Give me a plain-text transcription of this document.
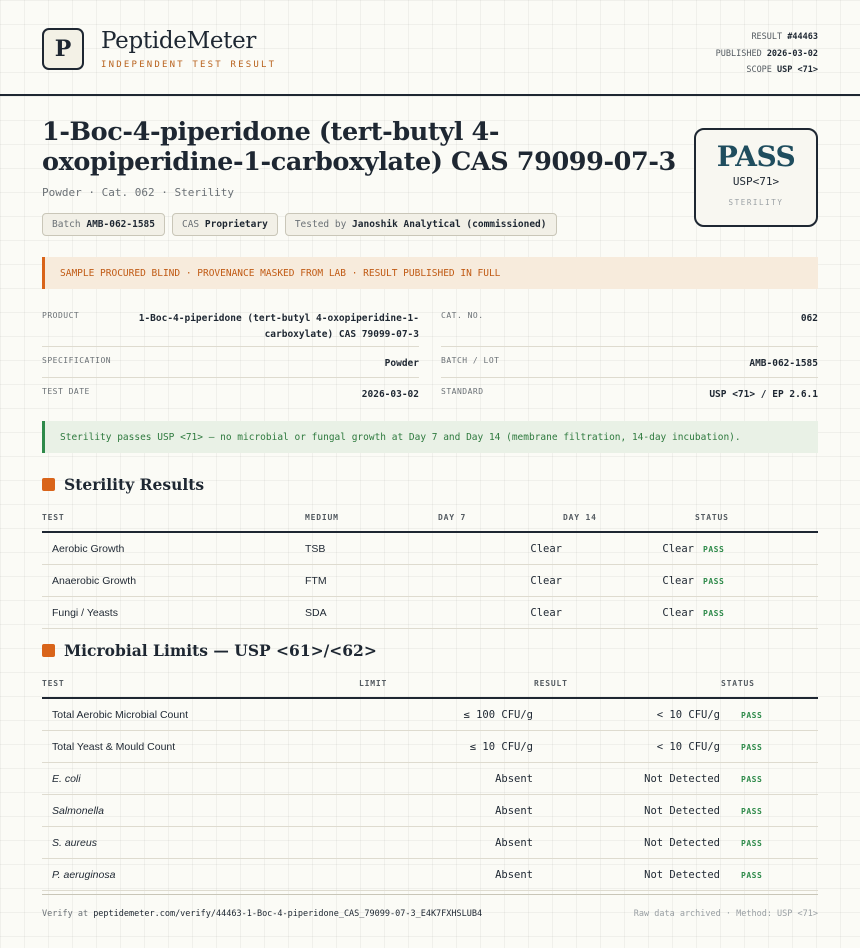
P	PeptideMeter
INDEPENDENT TEST RESULT
RESULT #44463
PUBLISHED 2026-03-02
SCOPE USP <71>
1-Boc-4-piperidone (tert-butyl 4-oxopiperidine-1-carboxylate) CAS 79099-07-3
Powder · Cat. 062 · Sterility
Batch AMB-062-1585	CAS Proprietary	Tested by Janoshik Analytical (commissioned)
PASS
USP<71>
STERILITY
SAMPLE PROCURED BLIND · PROVENANCE MASKED FROM LAB · RESULT PUBLISHED IN FULL
PRODUCT	1-Boc-4-piperidone (tert-butyl 4-oxopiperidine-1-carboxylate) CAS 79099-07-3
CAT. NO.	062
SPECIFICATION	Powder	BATCH / LOT	AMB-062-1585
TEST DATE	2026-03-02	STANDARD	USP <71> / EP 2.6.1
Sterility passes USP <71> — no microbial or fungal growth at Day 7 and Day 14 (membrane filtration, 14-day incubation).
Sterility Results
TEST	MEDIUM	DAY 7	DAY 14	STATUS
Aerobic Growth	TSB	Clear	Clear	PASS
Anaerobic Growth	FTM	Clear	Clear	PASS
Fungi / Yeasts	SDA	Clear	Clear	PASS
Microbial Limits — USP <61>/<62>
TEST	LIMIT	RESULT	STATUS
Total Aerobic Microbial Count	≤ 100 CFU/g	< 10 CFU/g	PASS
Total Yeast & Mould Count	≤ 10 CFU/g	< 10 CFU/g	PASS
E. coli	Absent	Not Detected	PASS
Salmonella	Absent	Not Detected	PASS
S. aureus	Absent	Not Detected	PASS
P. aeruginosa	Absent	Not Detected	PASS
Verify at peptidemeter.com/verify/44463-1-Boc-4-piperidone_CAS_79099-07-3_E4K7FXHSLUB4	Raw data archived · Method: USP <71>
